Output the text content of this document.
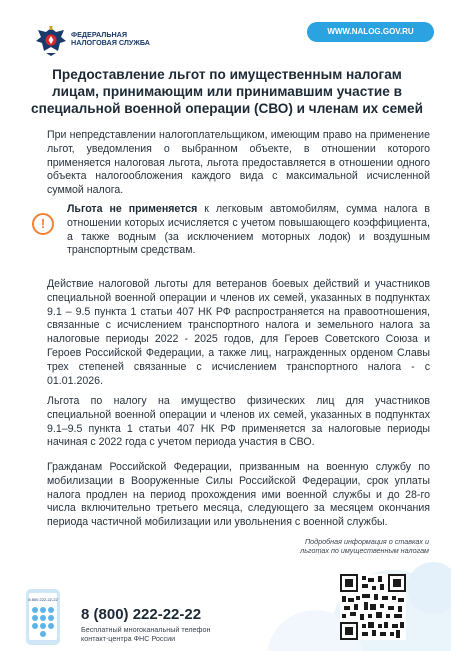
ФЕДЕРАЛЬНАЯ
НАЛОГОВАЯ СЛУЖБА
WWW.NALOG.GOV.RU
Предоставление льгот по имущественным налогам лицам, принимающим или принимавшим участие в специальной военной операции (СВО) и членам их семей
При непредставлении налогоплательщиком, имеющим право на применение льгот, уведомления о выбранном объекте, в отношении которого применяется налоговая льгота, льгота предоставляется в отношении одного объекта налогообложения каждого вида с максимальной исчисленной суммой налога.
!
Льгота не применяется к легковым автомобилям, сумма налога в отношении которых исчисляется с учетом повышающего коэффициента, а также водным (за исключением моторных лодок) и воздушным транспортным средствам.
Действие налоговой льготы для ветеранов боевых действий и участников специальной военной операции и членов их семей, указанных в подпунктах 9.1 – 9.5 пункта 1 статьи 407 НК РФ распространяется на правоотношения, связанные с исчислением транспортного налога и земельного налога за налоговые периоды 2022 - 2025 годов, для Героев Советского Союза и Героев Российской Федерации, а также лиц, награжденных орденом Славы трех степеней связанные с исчислением транспортного налога - с 01.01.2026.
Льгота по налогу на имущество физических лиц для участников специальной военной операции и членов их семей, указанных в подпунктах 9.1–9.5 пункта 1 статьи 407 НК РФ применяется за налоговые периоды начиная с 2022 года с учетом периода участия в СВО.
Гражданам Российской Федерации, призванным на военную службу по мобилизации в Вооруженные Силы Российской Федерации, срок уплаты налога продлен на период прохождения ими военной службы и до 28-го числа включительно третьего месяца, следующего за месяцем окончания периода частичной мобилизации или увольнения с военной службы.
Подробная информация о ставках и
льготах по имущественным налогам
8 800 222-22-22
8 (800) 222-22-22
Бесплатный многоканальный телефон
контакт-центра ФНС России
